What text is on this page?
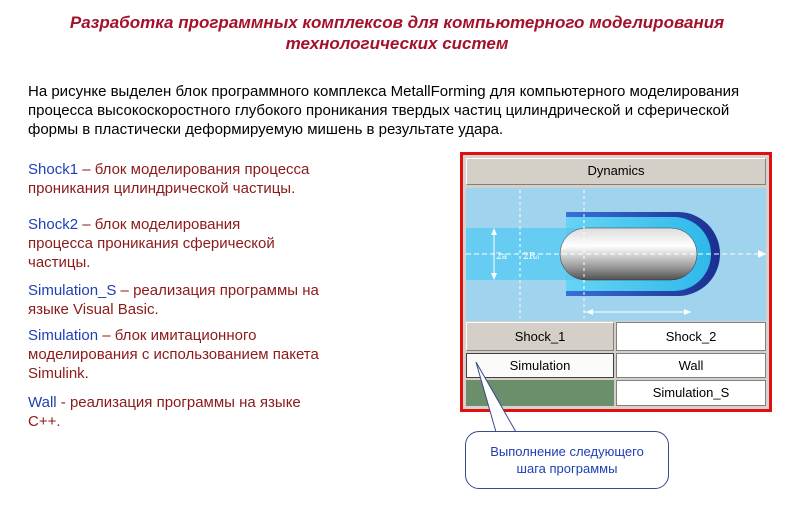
Разработка программных комплексов для компьютерного моделирования
технологических систем
На рисунке выделен блок программного комплекса MetallForming для компьютерного моделирования процесса высокоскоростного глубокого проникания твердых частиц цилиндрической и сферической формы в пластически деформируемую мишень в результате удара.
Shock1 – блок моделирования процесса проникания цилиндрической частицы.
Shock2 – блок моделирования процесса проникания сферической частицы.
Simulation_S – реализация программы на языке Visual Basic.
Simulation – блок имитационного моделирования с использованием пакета Simulink.
Wall - реализация программы на языке С++.
Dynamics
2a 2R₀
Shock_1	Shock_2
Simulation	Wall
Simulation_S
Выполнение следующего
шага программы
